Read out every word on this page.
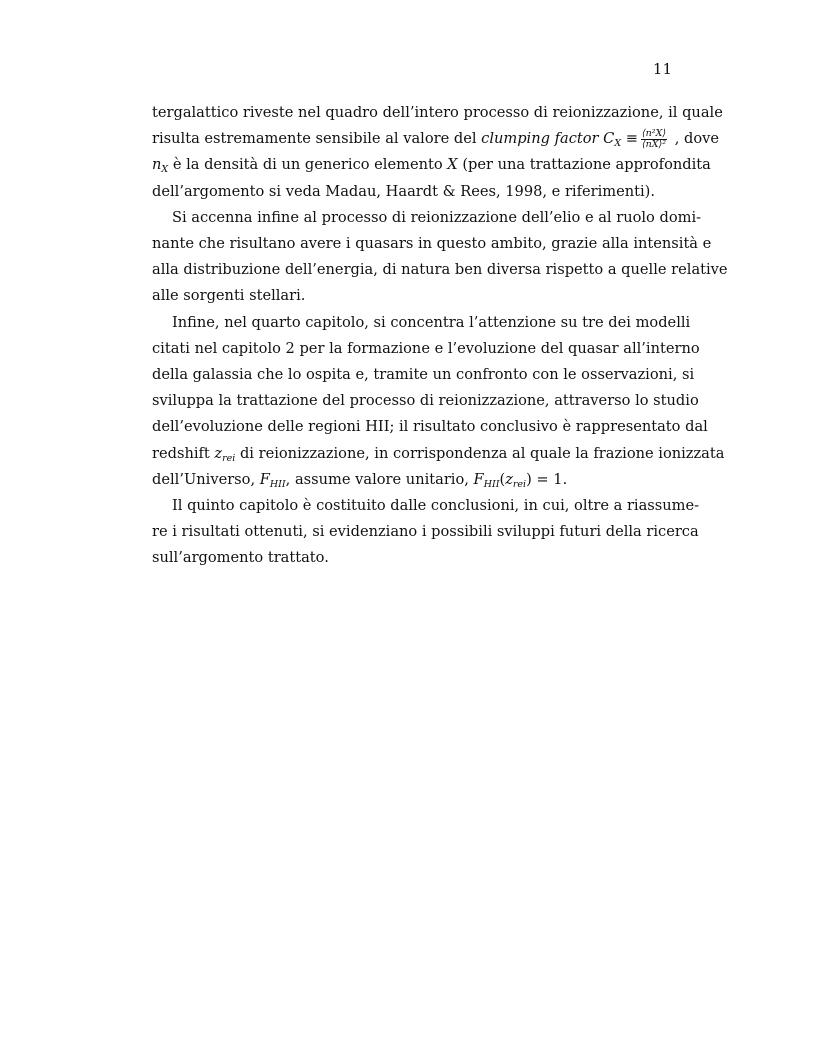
11
tergalattico riveste nel quadro dell’intero processo di reionizzazione, il quale
risulta estremamente sensibile al valore del clumping factor $C_X \equiv \frac{\text{⟨n²X⟩}}{\text{⟨nX⟩²}}$ , dove
$n_X$ è la densità di un generico elemento X (per una trattazione approfondita
dell’argomento si veda Madau, Haardt & Rees, 1998, e riferimenti).
Si accenna infine al processo di reionizzazione dell’elio e al ruolo domi-
nante che risultano avere i quasars in questo ambito, grazie alla intensità e
alla distribuzione dell’energia, di natura ben diversa rispetto a quelle relative
alle sorgenti stellari.
Infine, nel quarto capitolo, si concentra l’attenzione su tre dei modelli
citati nel capitolo 2 per la formazione e l’evoluzione del quasar all’interno
della galassia che lo ospita e, tramite un confronto con le osservazioni, si
sviluppa la trattazione del processo di reionizzazione, attraverso lo studio
dell’evoluzione delle regioni HII; il risultato conclusivo è rappresentato dal
redshift $z_{rei}$ di reionizzazione, in corrispondenza al quale la frazione ionizzata
dell’Universo, $F_{HII}$, assume valore unitario, $F_{HII}(z_{rei}) = 1$.
Il quinto capitolo è costituito dalle conclusioni, in cui, oltre a riassume-
re i risultati ottenuti, si evidenziano i possibili sviluppi futuri della ricerca
sull’argomento trattato.
